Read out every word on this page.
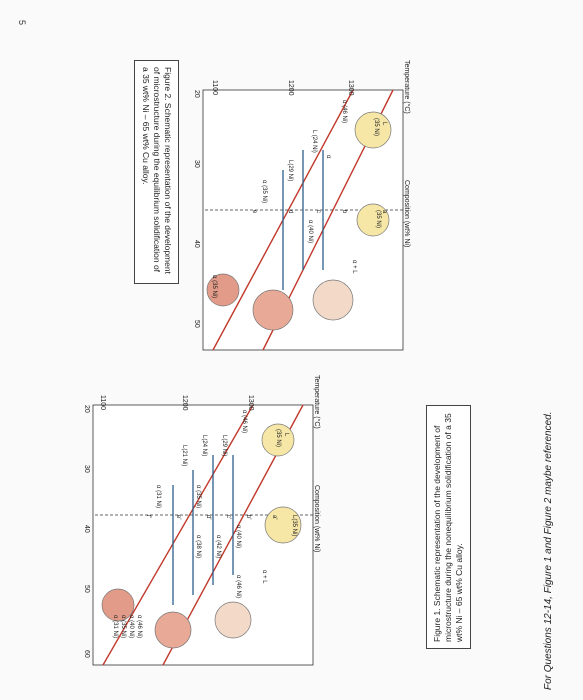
5
For Questions 12-14, Figure 1 and Figure 2 maybe referenced.
1300
1200
1100
20
30
40
50
Composition (wt% Ni)
Temperature (°C)
L
(35 Ni)
α (46 Ni)
(35 Ni)
α + L
L (24 Ni)
α (40 Ni)
L(29 Ni)
α (35 Ni)
α (35 Ni)
α
b
c
d
e	a
Figure 2. Schematic representation of the development of microstructure during the equilibrium solidification of a 35 wt% Ni – 65 wt% Cu alloy.
1300
1200
1100
20
30
40
50
60
Composition (wt% Ni)
Temperature (°C)
L
(35 Ni)
α (46 Ni)
α + L
L(35 Ni)
L(29 Ni)
α (40 Ni)
α (46 Ni)
L(24 Ni)
α (42 Ni)
L(21 Ni)
α (35 Ni)
α (38 Ni)
α (31 Ni)
α (46 Ni)
α (40 Ni)
α (35 Ni)
α (31 Ni)
a'
b'
c'
d'
e'
f'	Figure 1. Schematic representation of the development of microstructure during the nonequilibrium solidification of a 35 wt% Ni – 65 wt% Cu alloy.
